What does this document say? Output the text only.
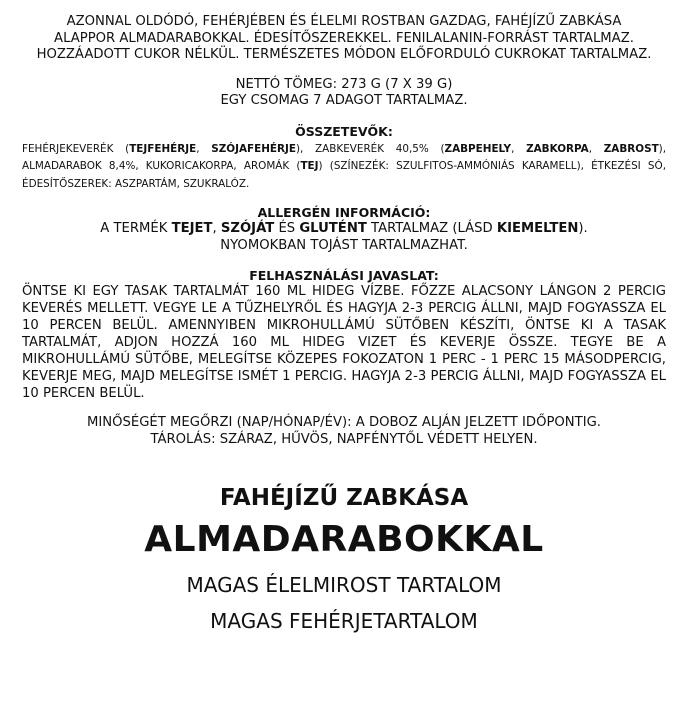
AZONNAL OLDÓDÓ, FEHÉRJÉBEN ÉS ÉLELMI ROSTBAN GAZDAG, FAHÉJÍZŰ ZABKÁSA
ALAPPOR ALMADARABOKKAL. ÉDESÍTŐSZEREKKEL. FENILALANIN-FORRÁST TARTALMAZ.
HOZZÁADOTT CUKOR NÉLKÜL. TERMÉSZETES MÓDON ELŐFORDULÓ CUKROKAT TARTALMAZ.
NETTÓ TÖMEG: 273 G (7 X 39 G)
EGY CSOMAG 7 ADAGOT TARTALMAZ.
ÖSSZETEVŐK:
FEHÉRJEKEVERÉK (TEJFEHÉRJE, SZÓJAFEHÉRJE), ZABKEVERÉK 40,5% (ZABPEHELY, ZABKORPA, ZABROST), ALMADARABOK 8,4%, KUKORICAKORPA, AROMÁK (TEJ) (SZÍNEZÉK: SZULFITOS-AMMÓNIÁS KARAMELL), ÉTKEZÉSI SÓ, ÉDESÍTŐSZEREK: ASZPARTÁM, SZUKRALÓZ.
ALLERGÉN INFORMÁCIÓ:
A TERMÉK TEJET, SZÓJÁT ÉS GLUTÉNT TARTALMAZ (LÁSD KIEMELTEN).
NYOMOKBAN TOJÁST TARTALMAZHAT.
FELHASZNÁLÁSI JAVASLAT:
ÖNTSE KI EGY TASAK TARTALMÁT 160 ML HIDEG VÍZBE. FŐZZE ALACSONY LÁNGON 2 PERCIG KEVERÉS MELLETT. VEGYE LE A TŰZHELYRŐL ÉS HAGYJA 2-3 PERCIG ÁLLNI, MAJD FOGYASSZA EL 10 PERCEN BELÜL. AMENNYIBEN MIKROHULLÁMÚ SÜTŐBEN KÉSZÍTI, ÖNTSE KI A TASAK TARTALMÁT, ADJON HOZZÁ 160 ML HIDEG VIZET ÉS KEVERJE ÖSSZE. TEGYE BE A MIKROHULLÁMÚ SÜTŐBE, MELEGÍTSE KÖZEPES FOKOZATON 1 PERC - 1 PERC 15 MÁSODPERCIG, KEVERJE MEG, MAJD MELEGÍTSE ISMÉT 1 PERCIG. HAGYJA 2-3 PERCIG ÁLLNI, MAJD FOGYASSZA EL 10 PERCEN BELÜL.
MINŐSÉGÉT MEGŐRZI (NAP/HÓNAP/ÉV): A DOBOZ ALJÁN JELZETT IDŐPONTIG.
TÁROLÁS: SZÁRAZ, HŰVÖS, NAPFÉNYTŐL VÉDETT HELYEN.
FAHÉJÍZŰ ZABKÁSA
ALMADARABOKKAL
MAGAS ÉLELMIROST TARTALOM
MAGAS FEHÉRJETARTALOM
